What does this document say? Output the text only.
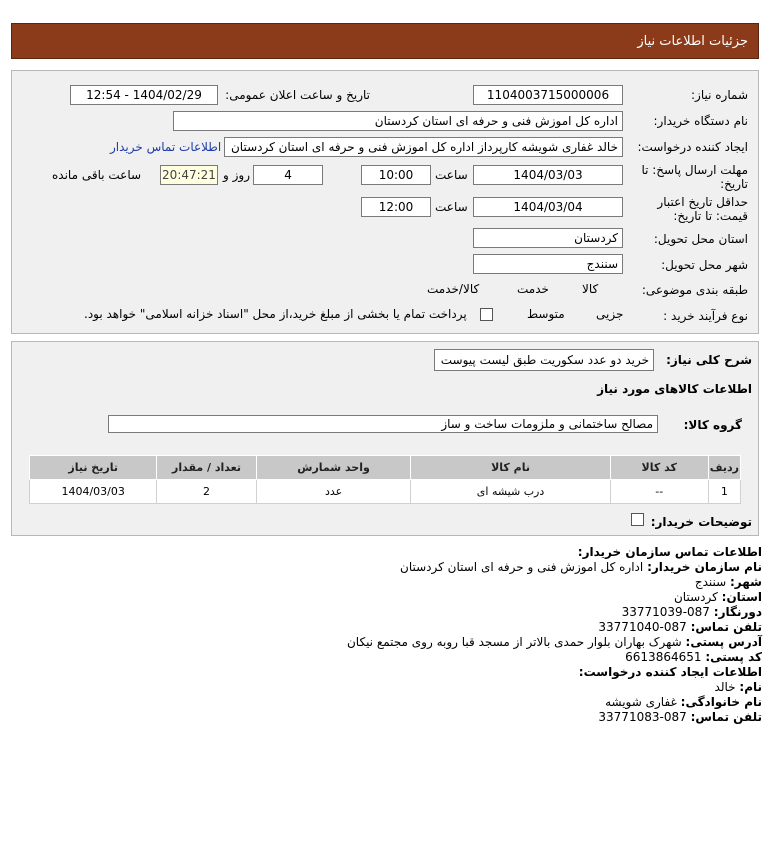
جزئیات اطلاعات نیاز
شماره نیاز:
1104003715000006
تاریخ و ساعت اعلان عمومی:
1404/02/29 - 12:54
نام دستگاه خریدار:
اداره کل اموزش فنی و حرفه ای استان کردستان
ایجاد کننده درخواست:
خالد غفاری شویشه کارپرداز اداره کل اموزش فنی و حرفه ای استان کردستان
اطلاعات تماس خریدار
مهلت ارسال پاسخ: تا
تاریخ:
1404/03/03
ساعت
10:00
4
روز و
20:47:21
ساعت باقی مانده
حداقل تاریخ اعتبار
قیمت: تا تاریخ:
1404/03/04
ساعت
12:00
استان محل تحویل:
کردستان
شهر محل تحویل:
سنندج
طبقه بندی موضوعی:

کالا

خدمت

کالا/خدمت
نوع فرآیند خرید :

جزیی
متوسط
پرداخت تمام یا بخشی از مبلغ خرید،از محل "اسناد خزانه اسلامی" خواهد بود.
شرح کلی نیاز:
خرید دو عدد سکوریت طبق لیست پیوست
اطلاعات کالاهای مورد نیاز
گروه کالا:
مصالح ساختمانی و ملزومات ساخت و ساز
ردیف	کد کالا	نام کالا	واحد شمارش	تعداد / مقدار	تاریخ نیاز
1	--	درب شیشه ای	عدد	2	1404/03/03
توضیحات خریدار:
اطلاعات تماس سازمان خریدار:
نام سازمان خریدار: اداره کل اموزش فنی و حرفه ای استان کردستان
شهر: سنندج
استان: کردستان
دورنگار: 087-33771039
تلفن تماس: 087-33771040
آدرس پستی: شهرک بهاران بلوار حمدی بالاتر از مسجد قبا روبه روی مجتمع نیکان
کد پستی: 6613864651
اطلاعات ایجاد کننده درخواست:
نام: خالد
نام خانوادگی: غفاری شویشه
تلفن تماس: 087-33771083
